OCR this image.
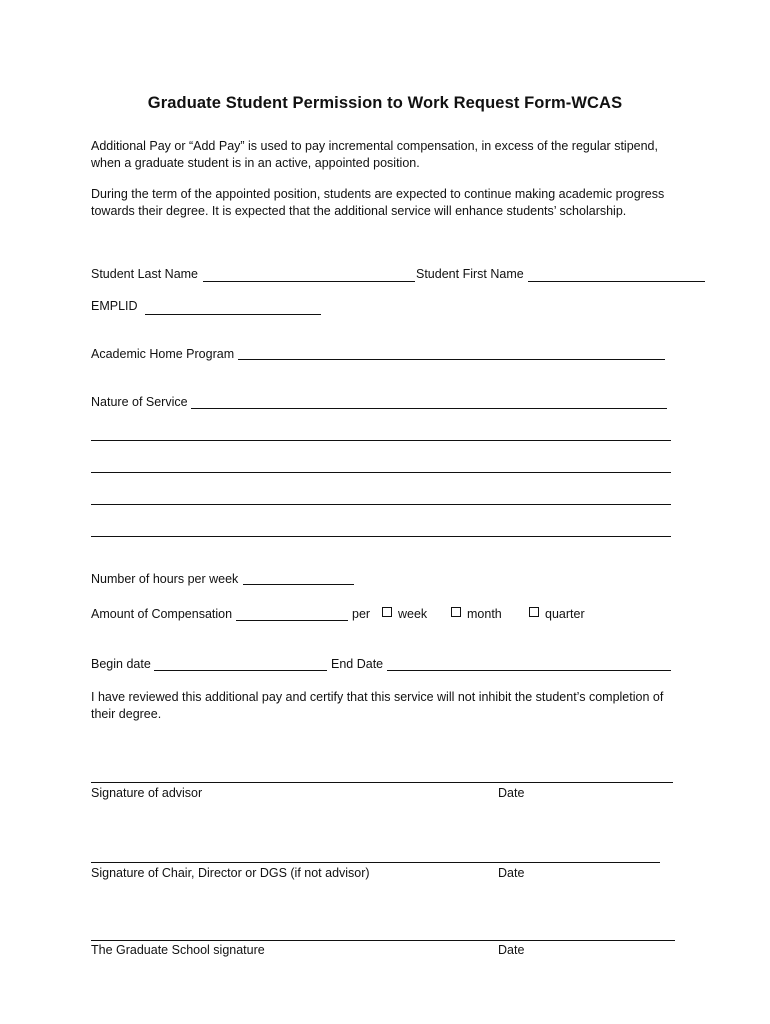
Graduate Student Permission to Work Request Form-WCAS
Additional Pay or “Add Pay” is used to pay incremental compensation, in excess of the regular stipend, when a graduate student is in an active, appointed position.
During the term of the appointed position, students are expected to continue making academic progress towards their degree. It is expected that the additional service will enhance students’ scholarship.
Student Last Name	Student First Name
EMPLID
Academic Home Program
Nature of Service
Number of hours per week
Amount of Compensation	per week	month	quarter
Begin date	End Date
I have reviewed this additional pay and certify that this service will not inhibit the student’s completion of their degree.
Signature of advisor	Date
Signature of Chair, Director or DGS (if not advisor)	Date
The Graduate School signature	Date
